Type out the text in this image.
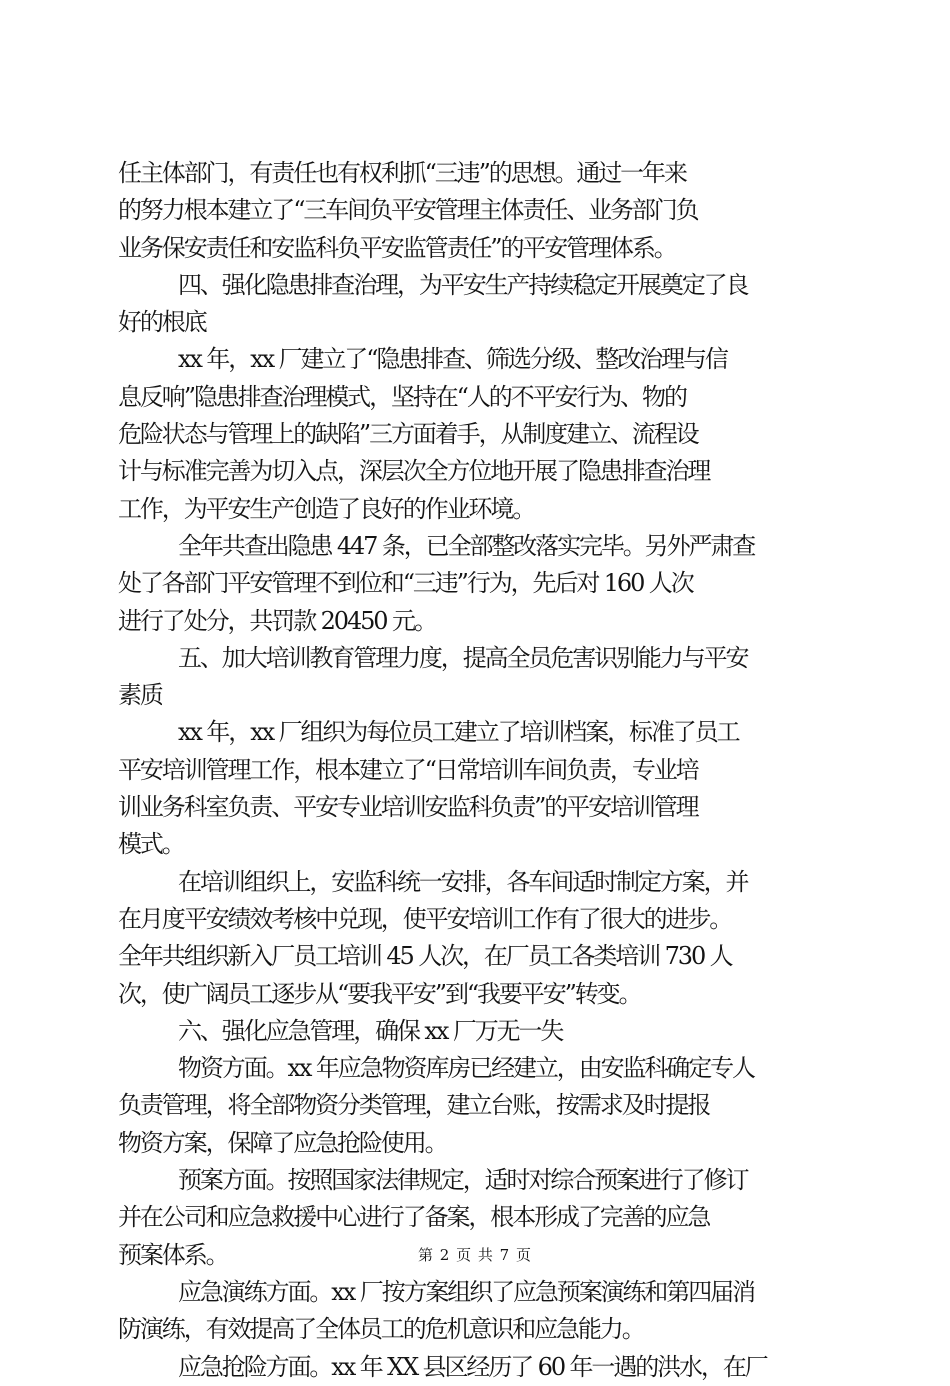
任主体部门，有责任也有权利抓“三违”的思想。通过一年来
的努力根本建立了“三车间负平安管理主体责任、业务部门负
业务保安责任和安监科负平安监管责任”的平安管理体系。
四、强化隐患排查治理，为平安生产持续稳定开展奠定了良
好的根底
xx 年，xx 厂建立了“隐患排查、筛选分级、整改治理与信
息反响”隐患排查治理模式，坚持在“人的不平安行为、物的
危险状态与管理上的缺陷”三方面着手，从制度建立、流程设
计与标准完善为切入点，深层次全方位地开展了隐患排查治理
工作，为平安生产创造了良好的作业环境。
全年共查出隐患 447 条，已全部整改落实完毕。另外严肃查
处了各部门平安管理不到位和“三违”行为，先后对 160 人次
进行了处分，共罚款 20450 元。
五、加大培训教育管理力度，提高全员危害识别能力与平安
素质
xx 年，xx 厂组织为每位员工建立了培训档案，标准了员工
平安培训管理工作，根本建立了“日常培训车间负责，专业培
训业务科室负责、平安专业培训安监科负责”的平安培训管理
模式。
在培训组织上，安监科统一安排，各车间适时制定方案，并
在月度平安绩效考核中兑现，使平安培训工作有了很大的进步。
全年共组织新入厂员工培训 45 人次，在厂员工各类培训 730 人
次，使广阔员工逐步从“要我平安”到“我要平安”转变。
六、强化应急管理，确保 xx 厂万无一失
物资方面。xx 年应急物资库房已经建立，由安监科确定专人
负责管理，将全部物资分类管理，建立台账，按需求及时提报
物资方案，保障了应急抢险使用。
预案方面。按照国家法律规定，适时对综合预案进行了修订
并在公司和应急救援中心进行了备案，根本形成了完善的应急
预案体系。
应急演练方面。xx 厂按方案组织了应急预案演练和第四届消
防演练，有效提高了全体员工的危机意识和应急能力。
应急抢险方面。xx 年 XX 县区经历了 60 年一遇的洪水，在厂
第 2 页 共 7 页
